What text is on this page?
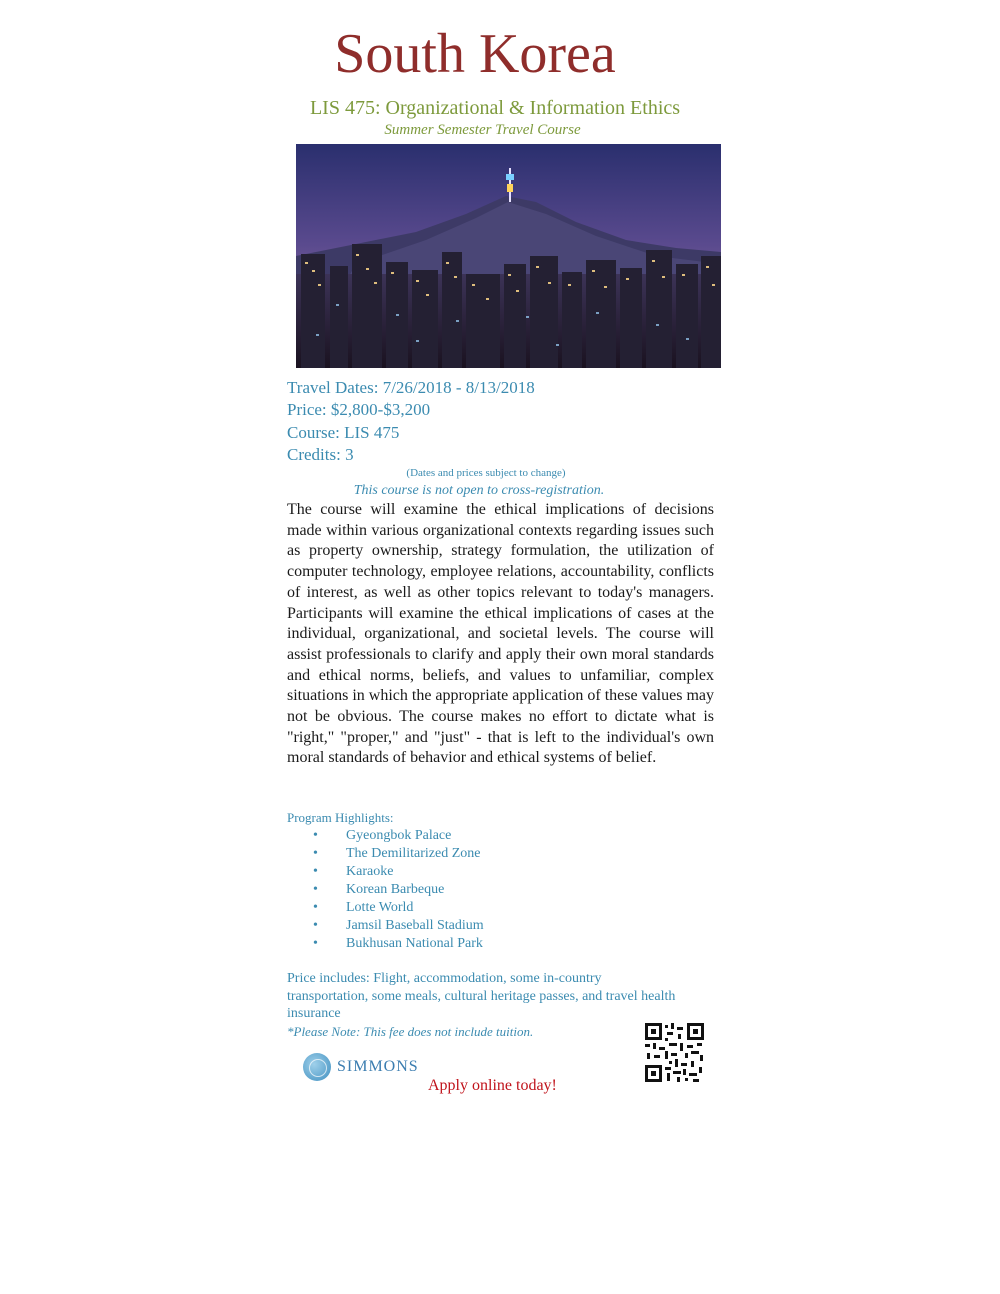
South Korea
LIS 475: Organizational & Information Ethics
Summer Semester Travel Course
Travel Dates: 7/26/2018 - 8/13/2018
Price: $2,800-$3,200
Course: LIS 475
Credits: 3
(Dates and prices subject to change)
This course is not open to cross-registration.

The course will examine the ethical implications of decisions made within various organizational contexts regarding issues such as property ownership, strategy formulation, the utilization of computer technology, employee relations, accountability, conflicts of interest, as well as other topics relevant to today's managers. Participants will examine the ethical implications of cases at the individual, organizational, and societal levels. The course will assist professionals to clarify and apply their own moral standards and ethical norms, beliefs, and values to unfamiliar, complex situations in which the appropriate application of these values may not be obvious. The course makes no effort to dictate what is "right," "proper," and "just" - that is left to the individual's own moral standards of behavior and ethical systems of belief.

Program Highlights:
• Gyeongbok Palace
• The Demilitarized Zone
• Karaoke
• Korean Barbeque
• Lotte World
• Jamsil Baseball Stadium
• Bukhusan National Park
Price includes: Flight, accommodation, some in-country transportation, some meals, cultural heritage passes, and travel health insurance
*Please Note: This fee does not include tuition.
SIMMONS
Apply online today!
